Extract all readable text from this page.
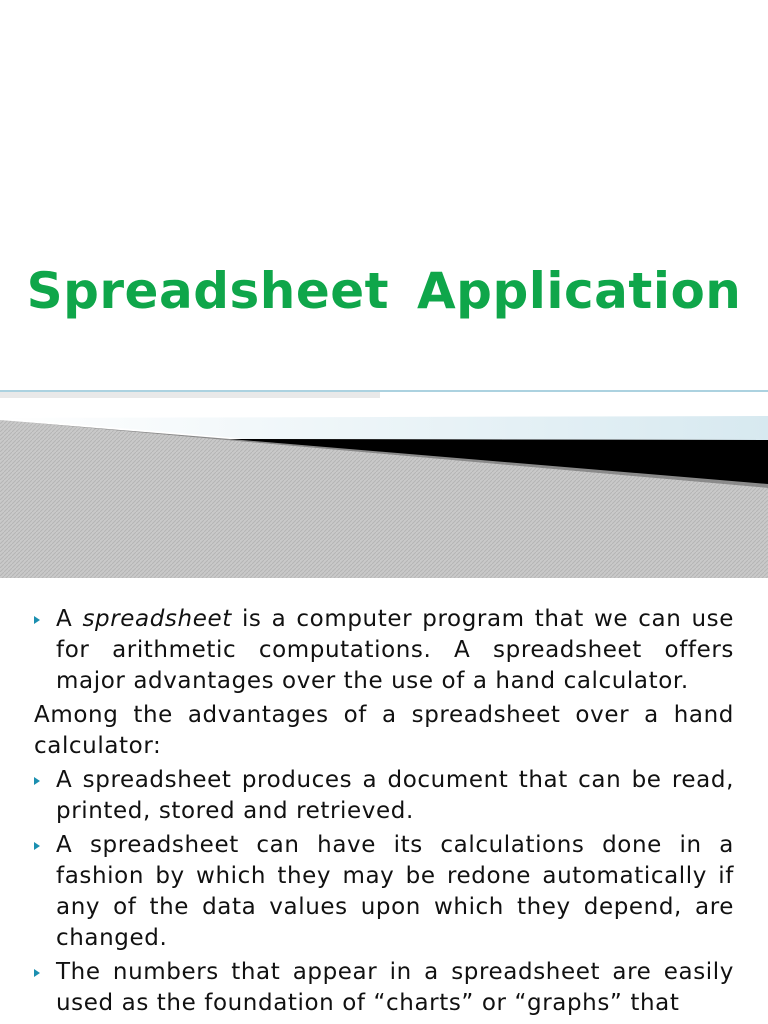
Spreadsheet Application
A spreadsheet is a computer program that we can use for arithmetic computations. A spreadsheet offers major advantages over the use of a hand calculator.
Among the advantages of a spreadsheet over a hand calculator:
A spreadsheet produces a document that can be read, printed, stored and retrieved.
A spreadsheet can have its calculations done in a fashion by which they may be redone automatically if any of the data values upon which they depend, are changed.
The numbers that appear in a spreadsheet are easily used as the foundation of “charts” or “graphs” that
